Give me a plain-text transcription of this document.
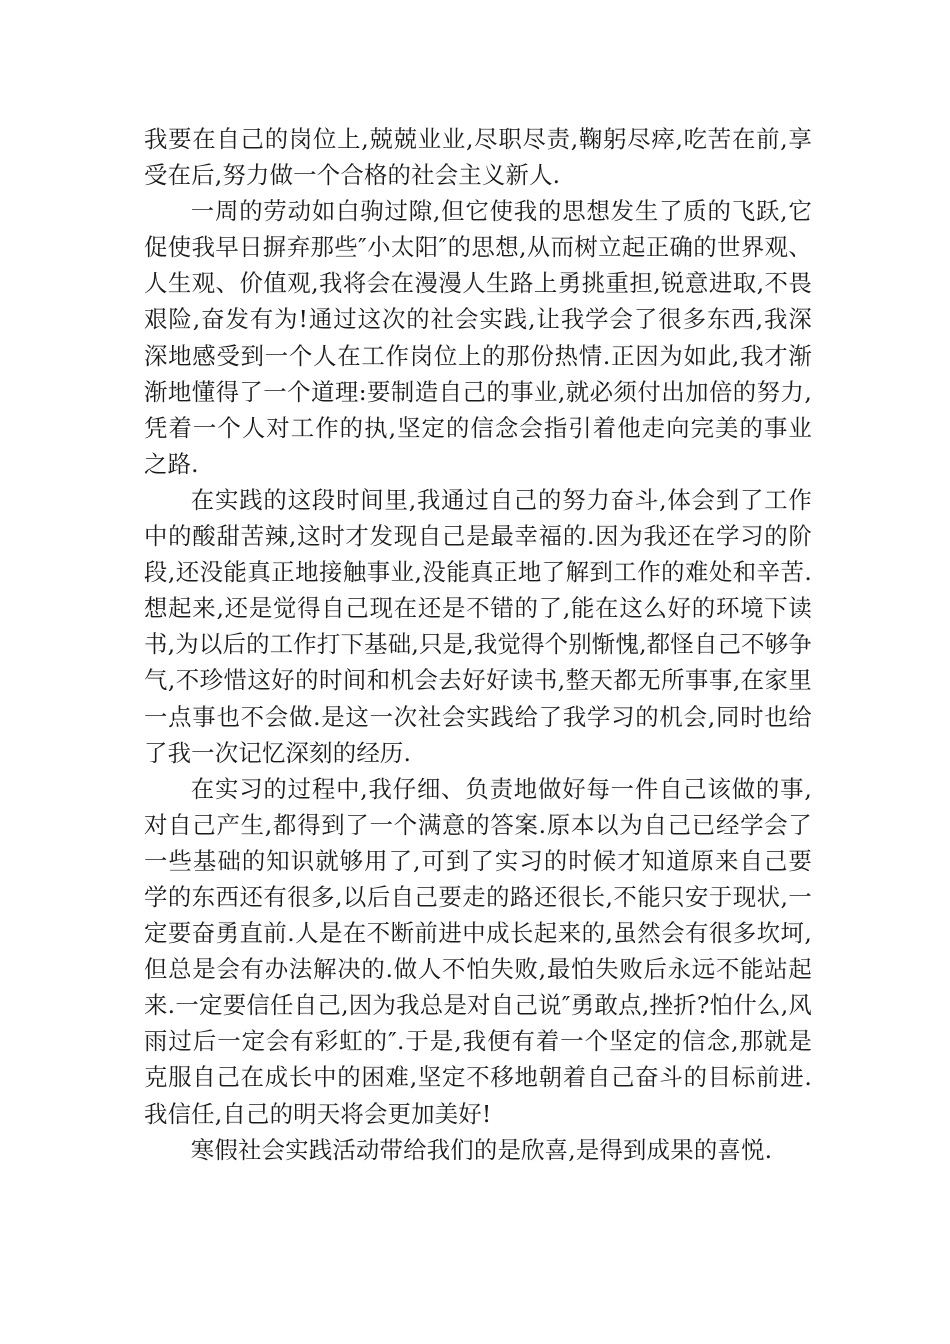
我要在自己的岗位上,兢兢业业,尽职尽责,鞠躬尽瘁,吃苦在前,享受在后,努力做一个合格的社会主义新人.

一周的劳动如白驹过隙,但它使我的思想发生了质的飞跃,它促使我早日摒弃那些″小太阳″的思想,从而树立起正确的世界观、人生观、价值观,我将会在漫漫人生路上勇挑重担,锐意进取,不畏艰险,奋发有为!通过这次的社会实践,让我学会了很多东西,我深深地感受到一个人在工作岗位上的那份热情.正因为如此,我才渐渐地懂得了一个道理:要制造自己的事业,就必须付出加倍的努力,凭着一个人对工作的执,坚定的信念会指引着他走向完美的事业之路.

在实践的这段时间里,我通过自己的努力奋斗,体会到了工作中的酸甜苦辣,这时才发现自己是最幸福的.因为我还在学习的阶段,还没能真正地接触事业,没能真正地了解到工作的难处和辛苦.想起来,还是觉得自己现在还是不错的了,能在这么好的环境下读书,为以后的工作打下基础,只是,我觉得个别惭愧,都怪自己不够争气,不珍惜这好的时间和机会去好好读书,整天都无所事事,在家里一点事也不会做.是这一次社会实践给了我学习的机会,同时也给了我一次记忆深刻的经历.

在实习的过程中,我仔细、负责地做好每一件自己该做的事,对自己产生,都得到了一个满意的答案.原本以为自己已经学会了一些基础的知识就够用了,可到了实习的时候才知道原来自己要学的东西还有很多,以后自己要走的路还很长,不能只安于现状,一定要奋勇直前.人是在不断前进中成长起来的,虽然会有很多坎坷,但总是会有办法解决的.做人不怕失败,最怕失败后永远不能站起来.一定要信任自己,因为我总是对自己说″勇敢点,挫折?怕什么,风雨过后一定会有彩虹的″.于是,我便有着一个坚定的信念,那就是克服自己在成长中的困难,坚定不移地朝着自己奋斗的目标前进.我信任,自己的明天将会更加美好!

寒假社会实践活动带给我们的是欣喜,是得到成果的喜悦.
